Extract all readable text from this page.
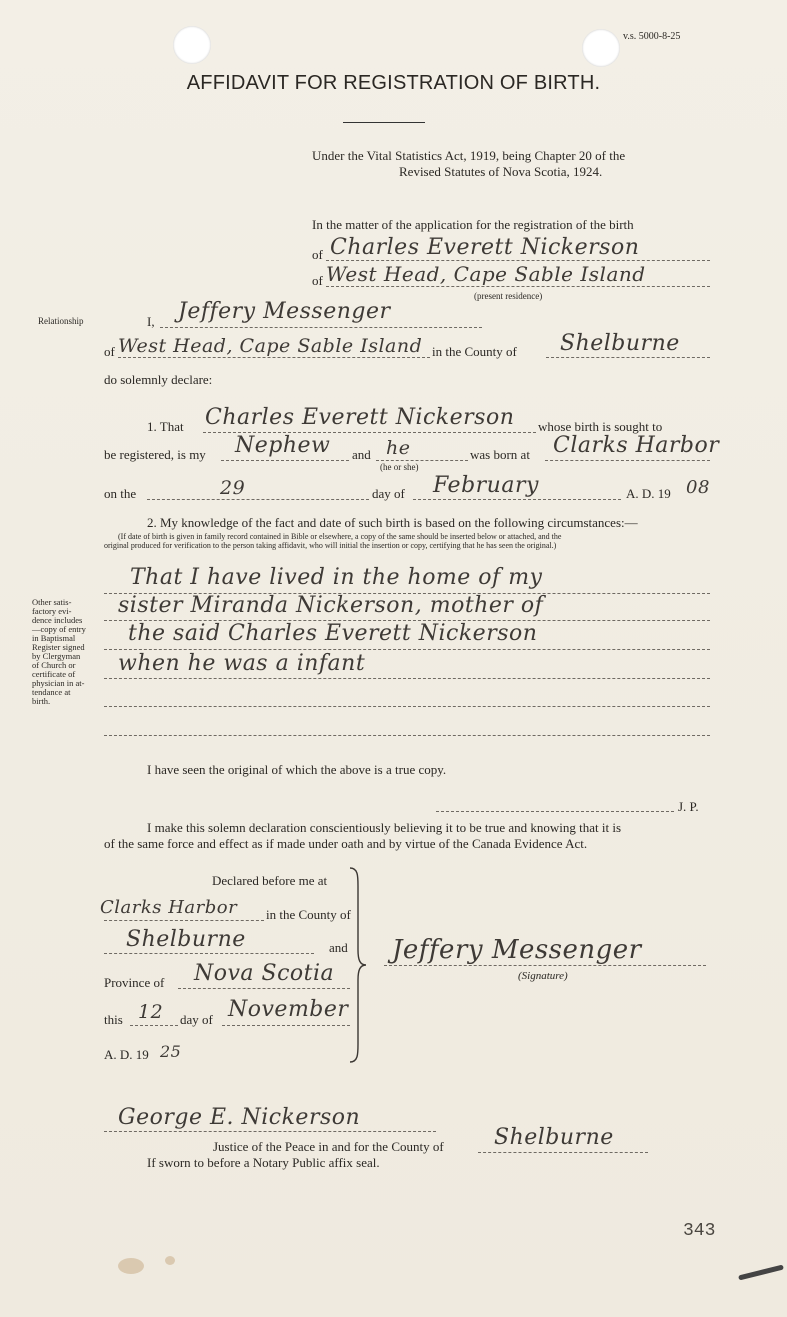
v.s. 5000-8-25
AFFIDAVIT FOR REGISTRATION OF BIRTH.
Under the Vital Statistics Act, 1919, being Chapter 20 of the
Revised Statutes of Nova Scotia, 1924.
In the matter of the application for the registration of the birth
of Charles Everett Nickerson
of West Head, Cape Sable Island
(present residence)
Relationship	I, Jeffery Messenger
of West Head, Cape Sable Island in the County of Shelburne
do solemnly declare:
1. That Charles Everett Nickerson whose birth is sought to
be registered, is my Nephew and he
(he or she)
was born at Clarks Harbor
on the	29	day of February	A. D. 19 08
2. My knowledge of the fact and date of such birth is based on the following circumstances:—
(If date of birth is given in family record contained in Bible or elsewhere, a copy of the same should be inserted below or attached, and the
original produced for verification to the person taking affidavit, who will initial the insertion or copy, certifying that he has seen the original.)
Other satis-
factory evi-
dence includes
—copy of entry
in Baptismal
Register signed
by Clergyman
of Church or
certificate of
physician in at-
tendance at
birth.
That I have lived in the home of my
sister Miranda Nickerson, mother of
the said Charles Everett Nickerson
when he was a infant
I have seen the original of which the above is a true copy.
J. P.
I make this solemn declaration conscientiously believing it to be true and knowing that it is
of the same force and effect as if made under oath and by virtue of the Canada Evidence Act.
Declared before me at
Clarks Harbor in the County of
Shelburne	and
Province of Nova Scotia
this 12 day of November
A. D. 19 25
Jeffery Messenger
(Signature)
George E. Nickerson
Justice of the Peace in and for the County of Shelburne
If sworn to before a Notary Public affix seal.
343
